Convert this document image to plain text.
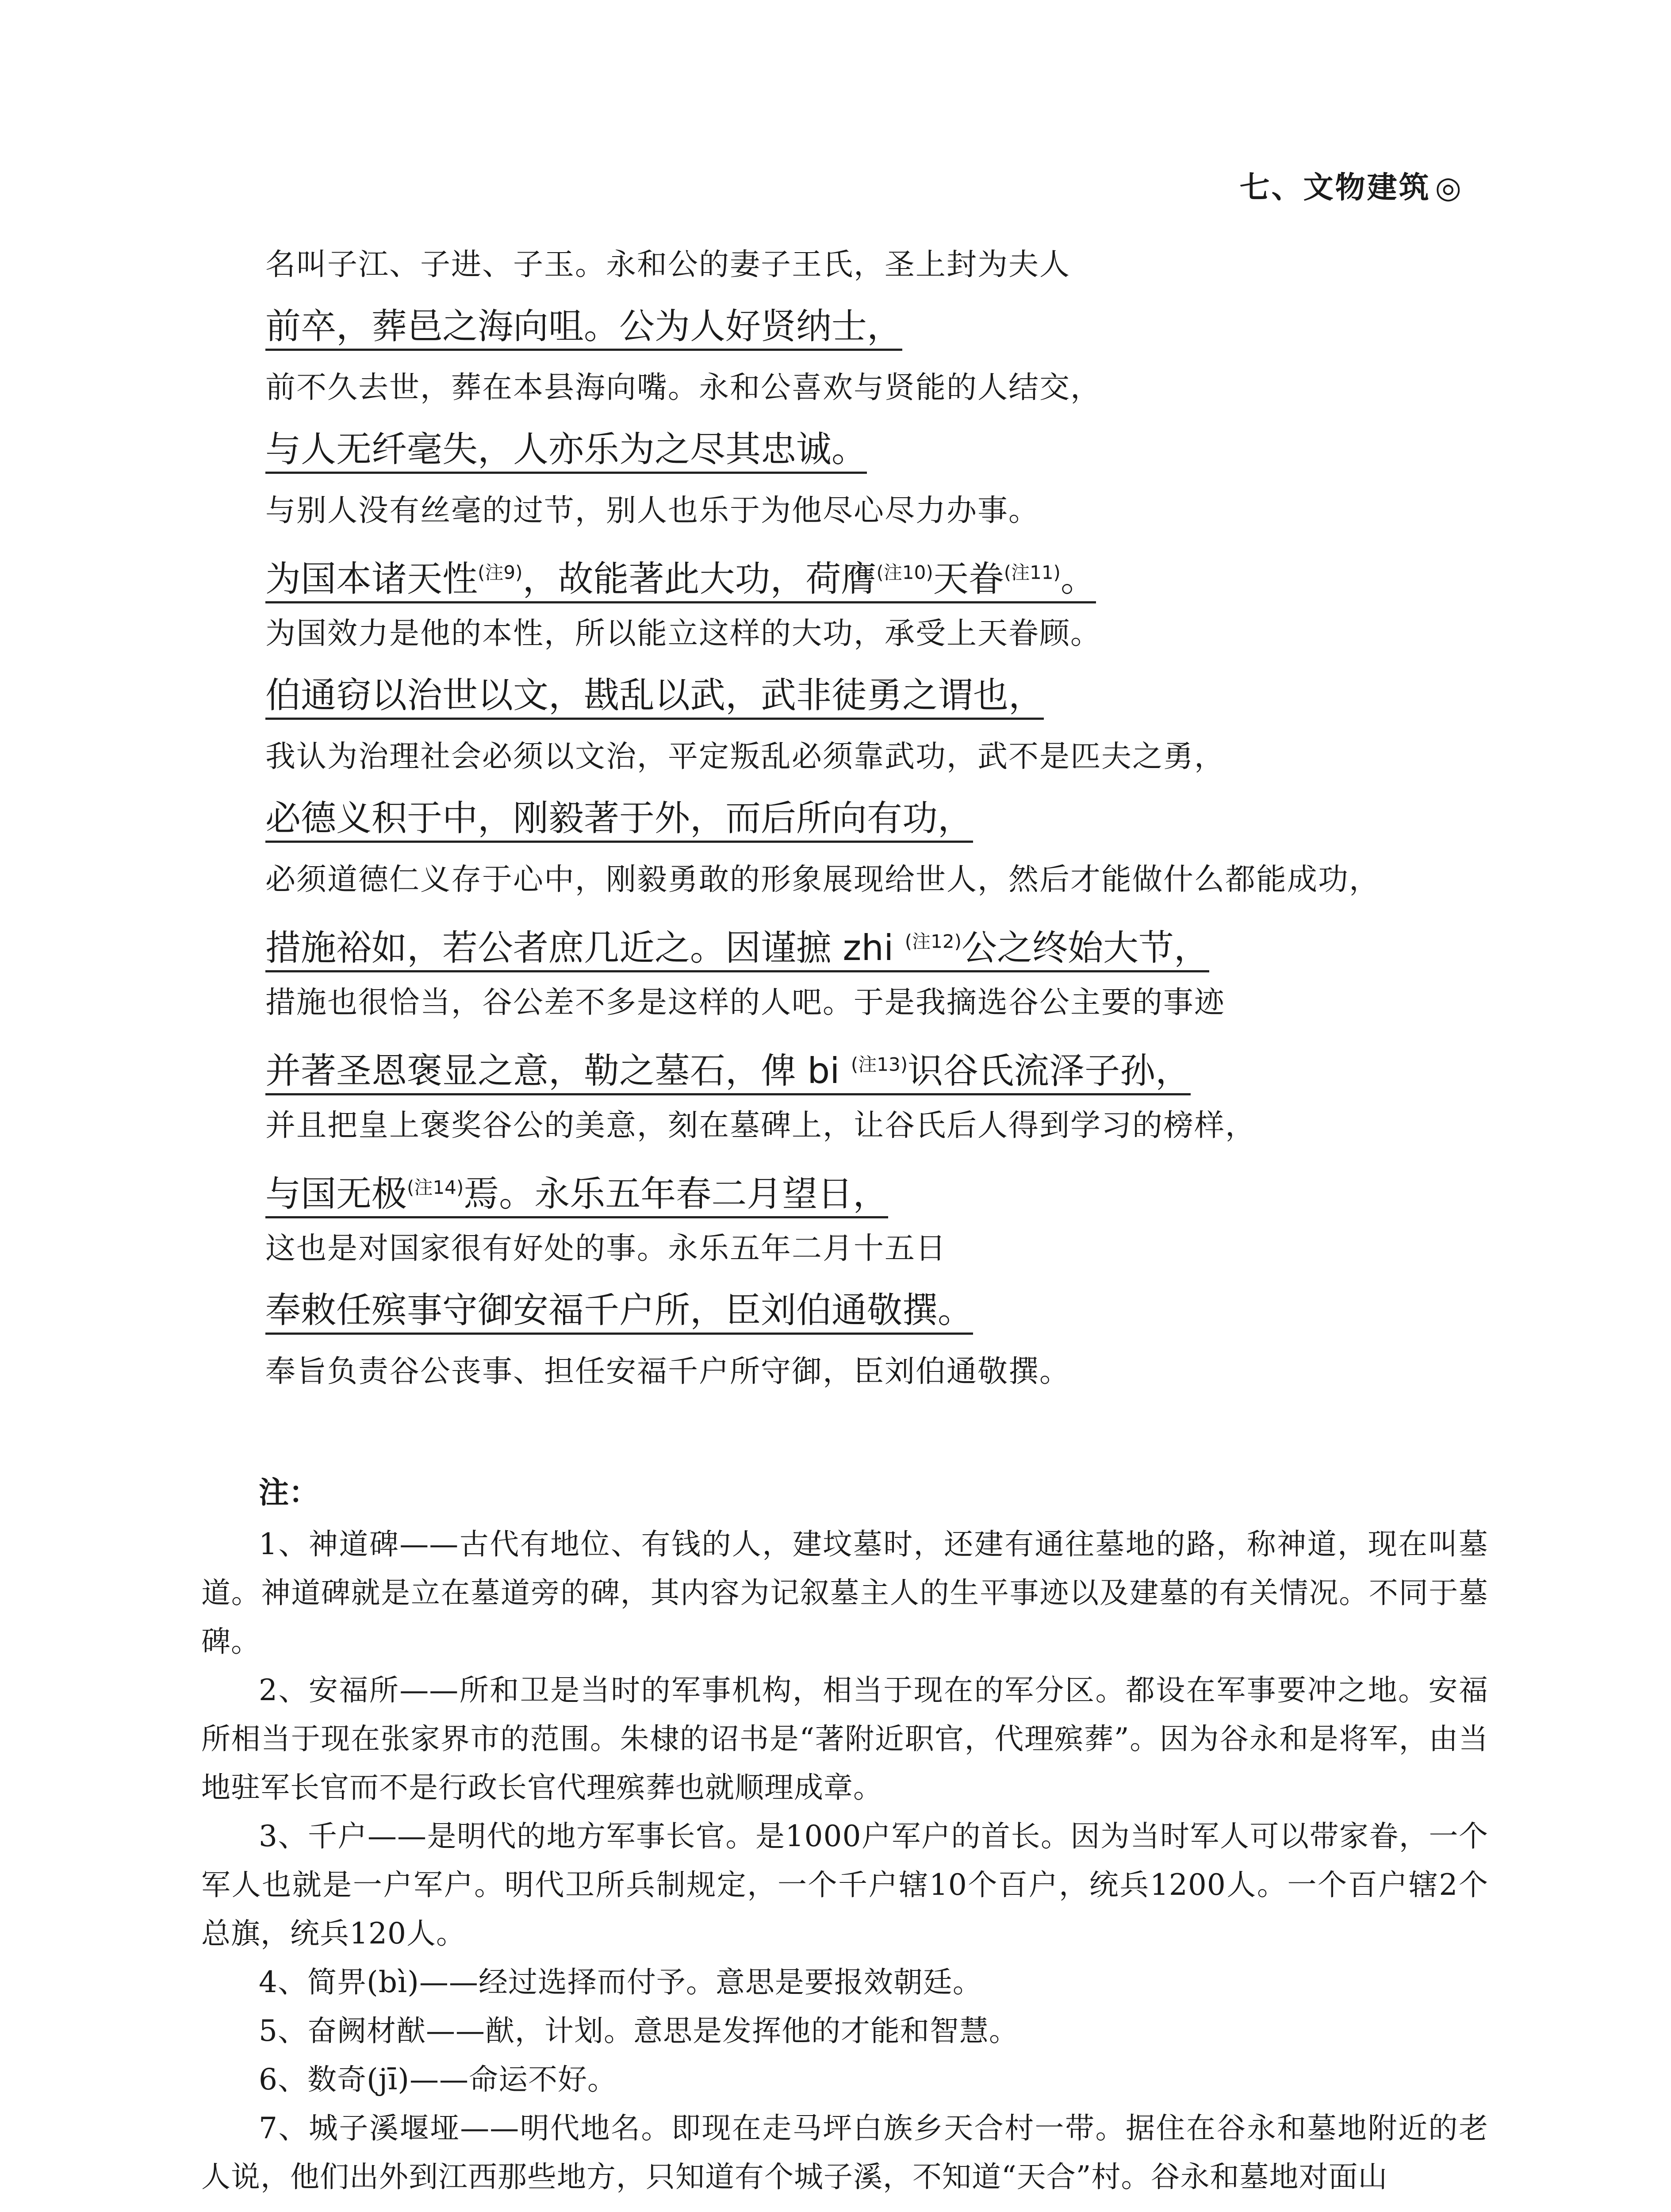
七、文物建筑 ◎
名叫子江、子进、子玉。永和公的妻子王氏，圣上封为夫人
前卒，葬邑之海向咀。公为人好贤纳士，
前不久去世，葬在本县海向嘴。永和公喜欢与贤能的人结交，
与人无纤毫失，人亦乐为之尽其忠诚。
与别人没有丝毫的过节，别人也乐于为他尽心尽力办事。
为国本诸天性$^{(注9)}$，故能著此大功，荷膺$^{(注10)}$天眷$^{(注11)}$。
为国效力是他的本性，所以能立这样的大功，承受上天眷顾。
伯通窃以治世以文，戡乱以武，武非徒勇之谓也，
我认为治理社会必须以文治，平定叛乱必须靠武功，武不是匹夫之勇，
必德义积于中，刚毅著于外，而后所向有功，
必须道德仁义存于心中，刚毅勇敢的形象展现给世人，然后才能做什么都能成功，
措施裕如，若公者庶几近之。因谨摭 zhi $^{(注12)}$公之终始大节，
措施也很恰当，谷公差不多是这样的人吧。于是我摘选谷公主要的事迹
并著圣恩褒显之意，勒之墓石，俾 bi $^{(注13)}$识谷氏流泽子孙，
并且把皇上褒奖谷公的美意，刻在墓碑上，让谷氏后人得到学习的榜样，
与国无极$^{(注14)}$焉。永乐五年春二月望日，
这也是对国家很有好处的事。永乐五年二月十五日
奉敕任殡事守御安福千户所，臣刘伯通敬撰。
奉旨负责谷公丧事、担任安福千户所守御，臣刘伯通敬撰。
注：

1、神道碑——古代有地位、有钱的人，建坟墓时，还建有通往墓地的路，称神道，现在叫墓道。神道碑就是立在墓道旁的碑，其内容为记叙墓主人的生平事迹以及建墓的有关情况。不同于墓碑。

2、安福所——所和卫是当时的军事机构，相当于现在的军分区。都设在军事要冲之地。安福所相当于现在张家界市的范围。朱棣的诏书是“著附近职官，代理殡葬”。因为谷永和是将军，由当地驻军长官而不是行政长官代理殡葬也就顺理成章。

3、千户——是明代的地方军事长官。是1000户军户的首长。因为当时军人可以带家眷，一个军人也就是一户军户。明代卫所兵制规定，一个千户辖10个百户，统兵1200人。一个百户辖2个总旗，统兵120人。

4、简畀(bì)——经过选择而付予。意思是要报效朝廷。

5、奋阙材猷——猷，计划。意思是发挥他的才能和智慧。

6、数奇(jī)——命运不好。

7、城子溪堰垭——明代地名。即现在走马坪白族乡天合村一带。据住在谷永和墓地附近的老人说，他们出外到江西那些地方，只知道有个城子溪，不知道“天合”村。谷永和墓地对面山
